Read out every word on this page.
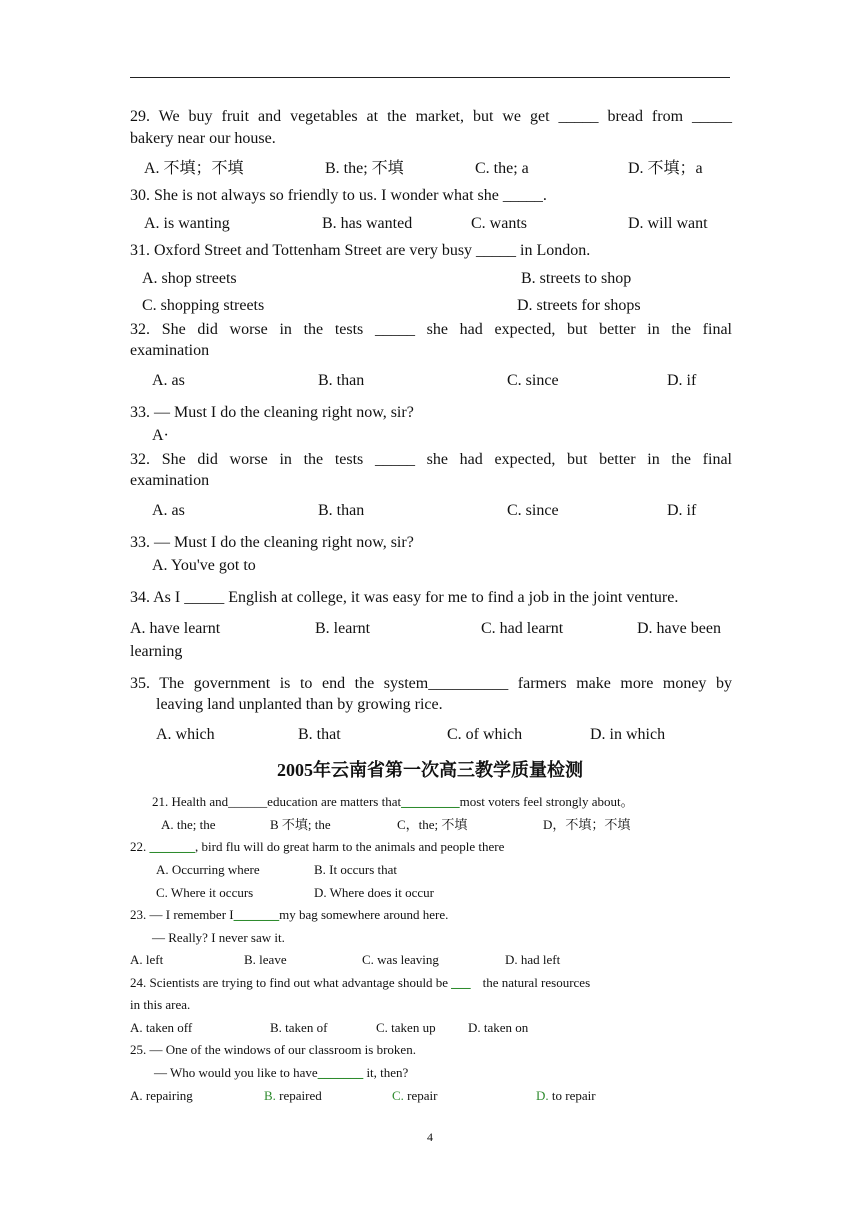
29. We buy fruit and vegetables at the market, but we get _____ bread from _____
bakery near our house.
A. 不填；不填	B. the; 不填	C. the; a	D. 不填；a
30. She is not always so friendly to us. I wonder what she _____.
A. is wanting	B. has wanted	C. wants	D. will want
31. Oxford Street and Tottenham Street are very busy _____ in London.
A. shop streets	B. streets to shop
C. shopping streets	D. streets for shops
32. She did worse in the tests _____ she had expected, but better in the final
examination
A. as	B. than	C. since	D. if
33. — Must I do the cleaning right now, sir?
A·
32. She did worse in the tests _____ she had expected, but better in the final
examination
A. as	B. than	C. since	D. if
33. — Must I do the cleaning right now, sir?
A. You've got to
34. As I _____ English at college, it was easy for me to find a job in the joint venture.
A. have learnt	B. learnt	C. had learnt	D. have been
learning
35. The government is to end the system__________ farmers make more money by
leaving land unplanted than by growing rice.
A. which	B. that	C. of which	D. in which
2005年云南省第一次高三教学质量检测
21. Health and______education are matters that_________most voters feel strongly about。
A. the; the	B 不填; the	C，the; 不填	D，不填；不填
22. _______, bird flu will do great harm to the animals and people there
A. Occurring where	B. It occurs that
C. Where it occurs	D. Where does it occur
23. — I remember I_______my bag somewhere around here.
— Really? I never saw it.
A. left	B. leave	C. was leaving	D. had left
24. Scientists are trying to find out what advantage should be ___ the natural resources
in this area.
A. taken off	B. taken of	C. taken up D. taken on
25. — One of the windows of our classroom is broken.
— Who would you like to have_______ it, then?
A. repairing	B. repaired	C. repair	D. to repair
4
